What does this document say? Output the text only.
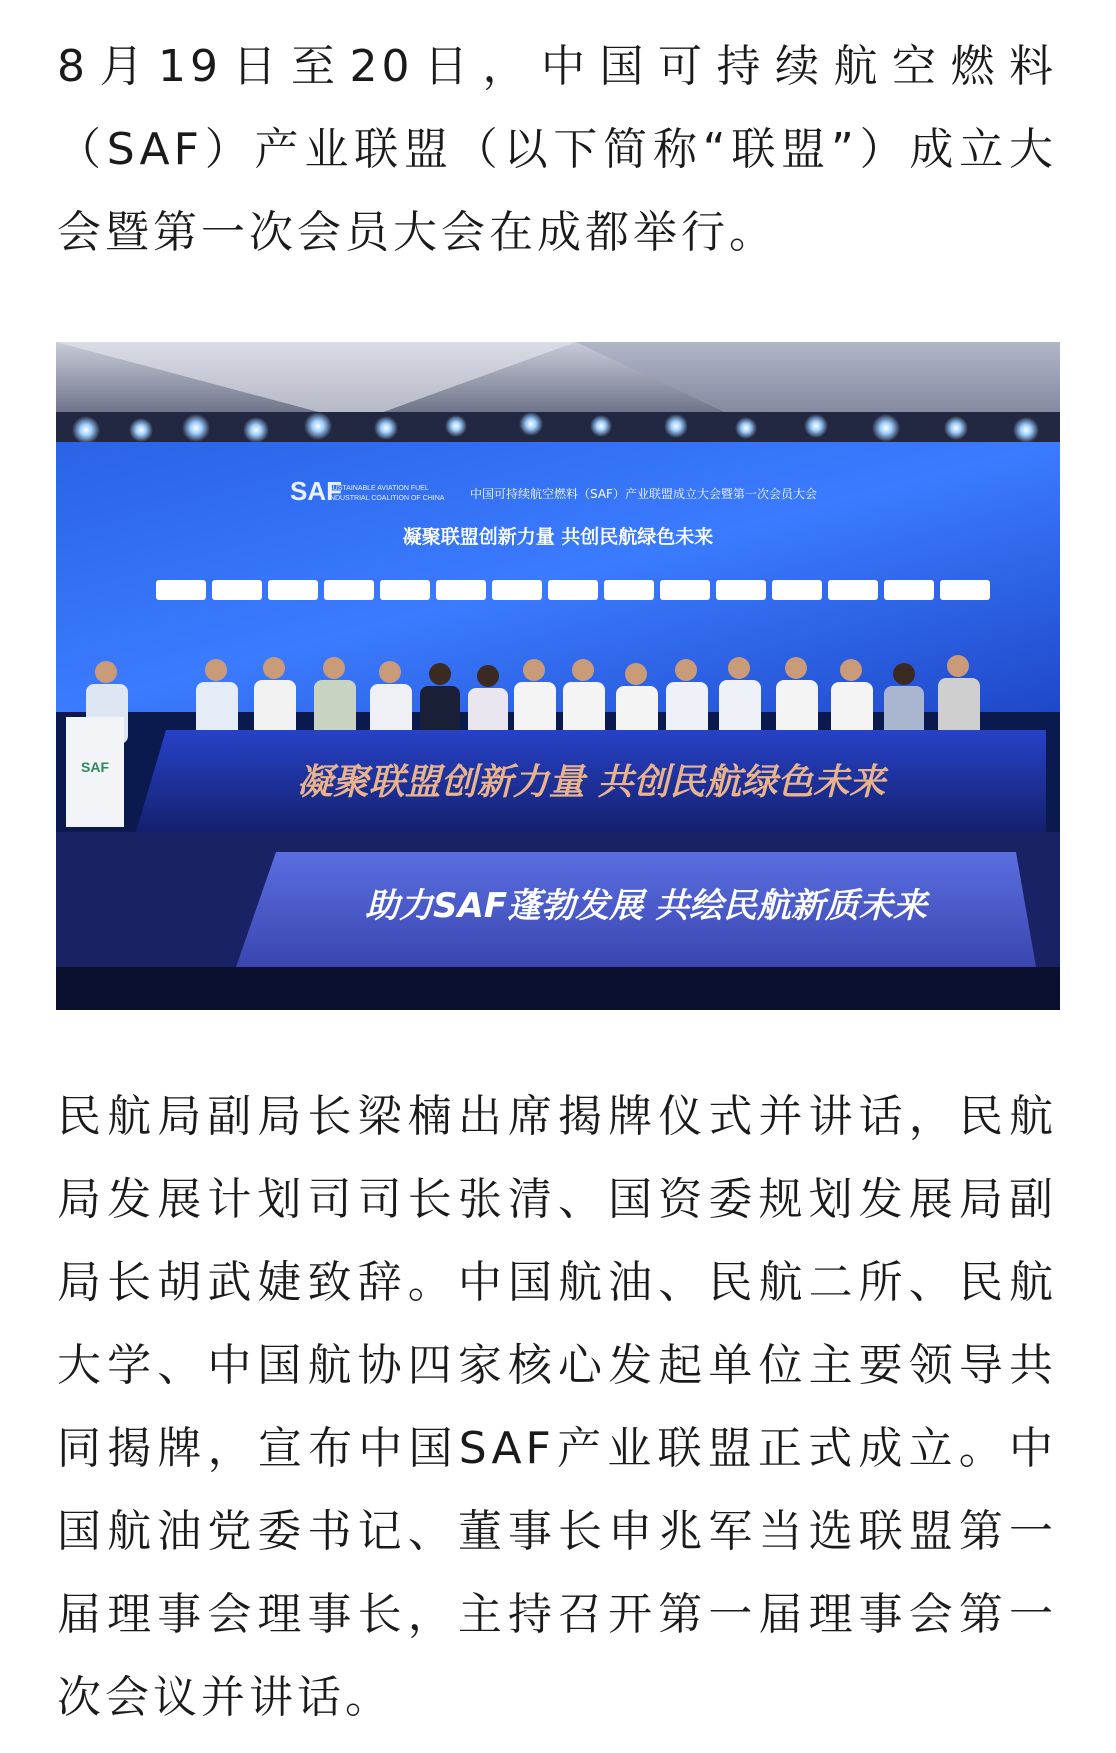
8月19日至20日，中国可持续航空燃料（SAF）产业联盟（以下简称“联盟”）成立大会暨第一次会员大会在成都举行。

SAF
SUSTAINABLE AVIATION FUEL
INDUSTRIAL COALITION OF CHINA 中国可持续航空燃料（SAF）产业联盟成立大会暨第一次会员大会
凝聚联盟创新力量 共创民航绿色未来
SAF	凝聚联盟创新力量 共创民航绿色未来
助力SAF蓬勃发展 共绘民航新质未来

民航局副局长梁楠出席揭牌仪式并讲话，民航局发展计划司司长张清、国资委规划发展局副局长胡武婕致辞。中国航油、民航二所、民航大学、中国航协四家核心发起单位主要领导共同揭牌，宣布中国SAF产业联盟正式成立。中国航油党委书记、董事长申兆军当选联盟第一届理事会理事长，主持召开第一届理事会第一次会议并讲话。
